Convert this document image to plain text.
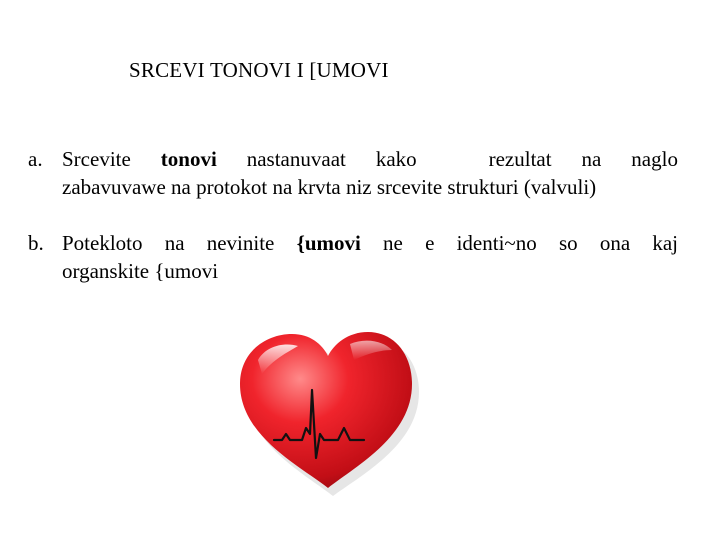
SRCEVI TONOVI I [UMOVI
a. Srcevite tonovi nastanuvaat kako	rezultat na naglo
zabavuvawe na protokot na krvta niz srcevite strukturi (valvuli)
b. Potekloto na nevinite {umovi ne e identi~no so ona kaj
organskite {umovi
